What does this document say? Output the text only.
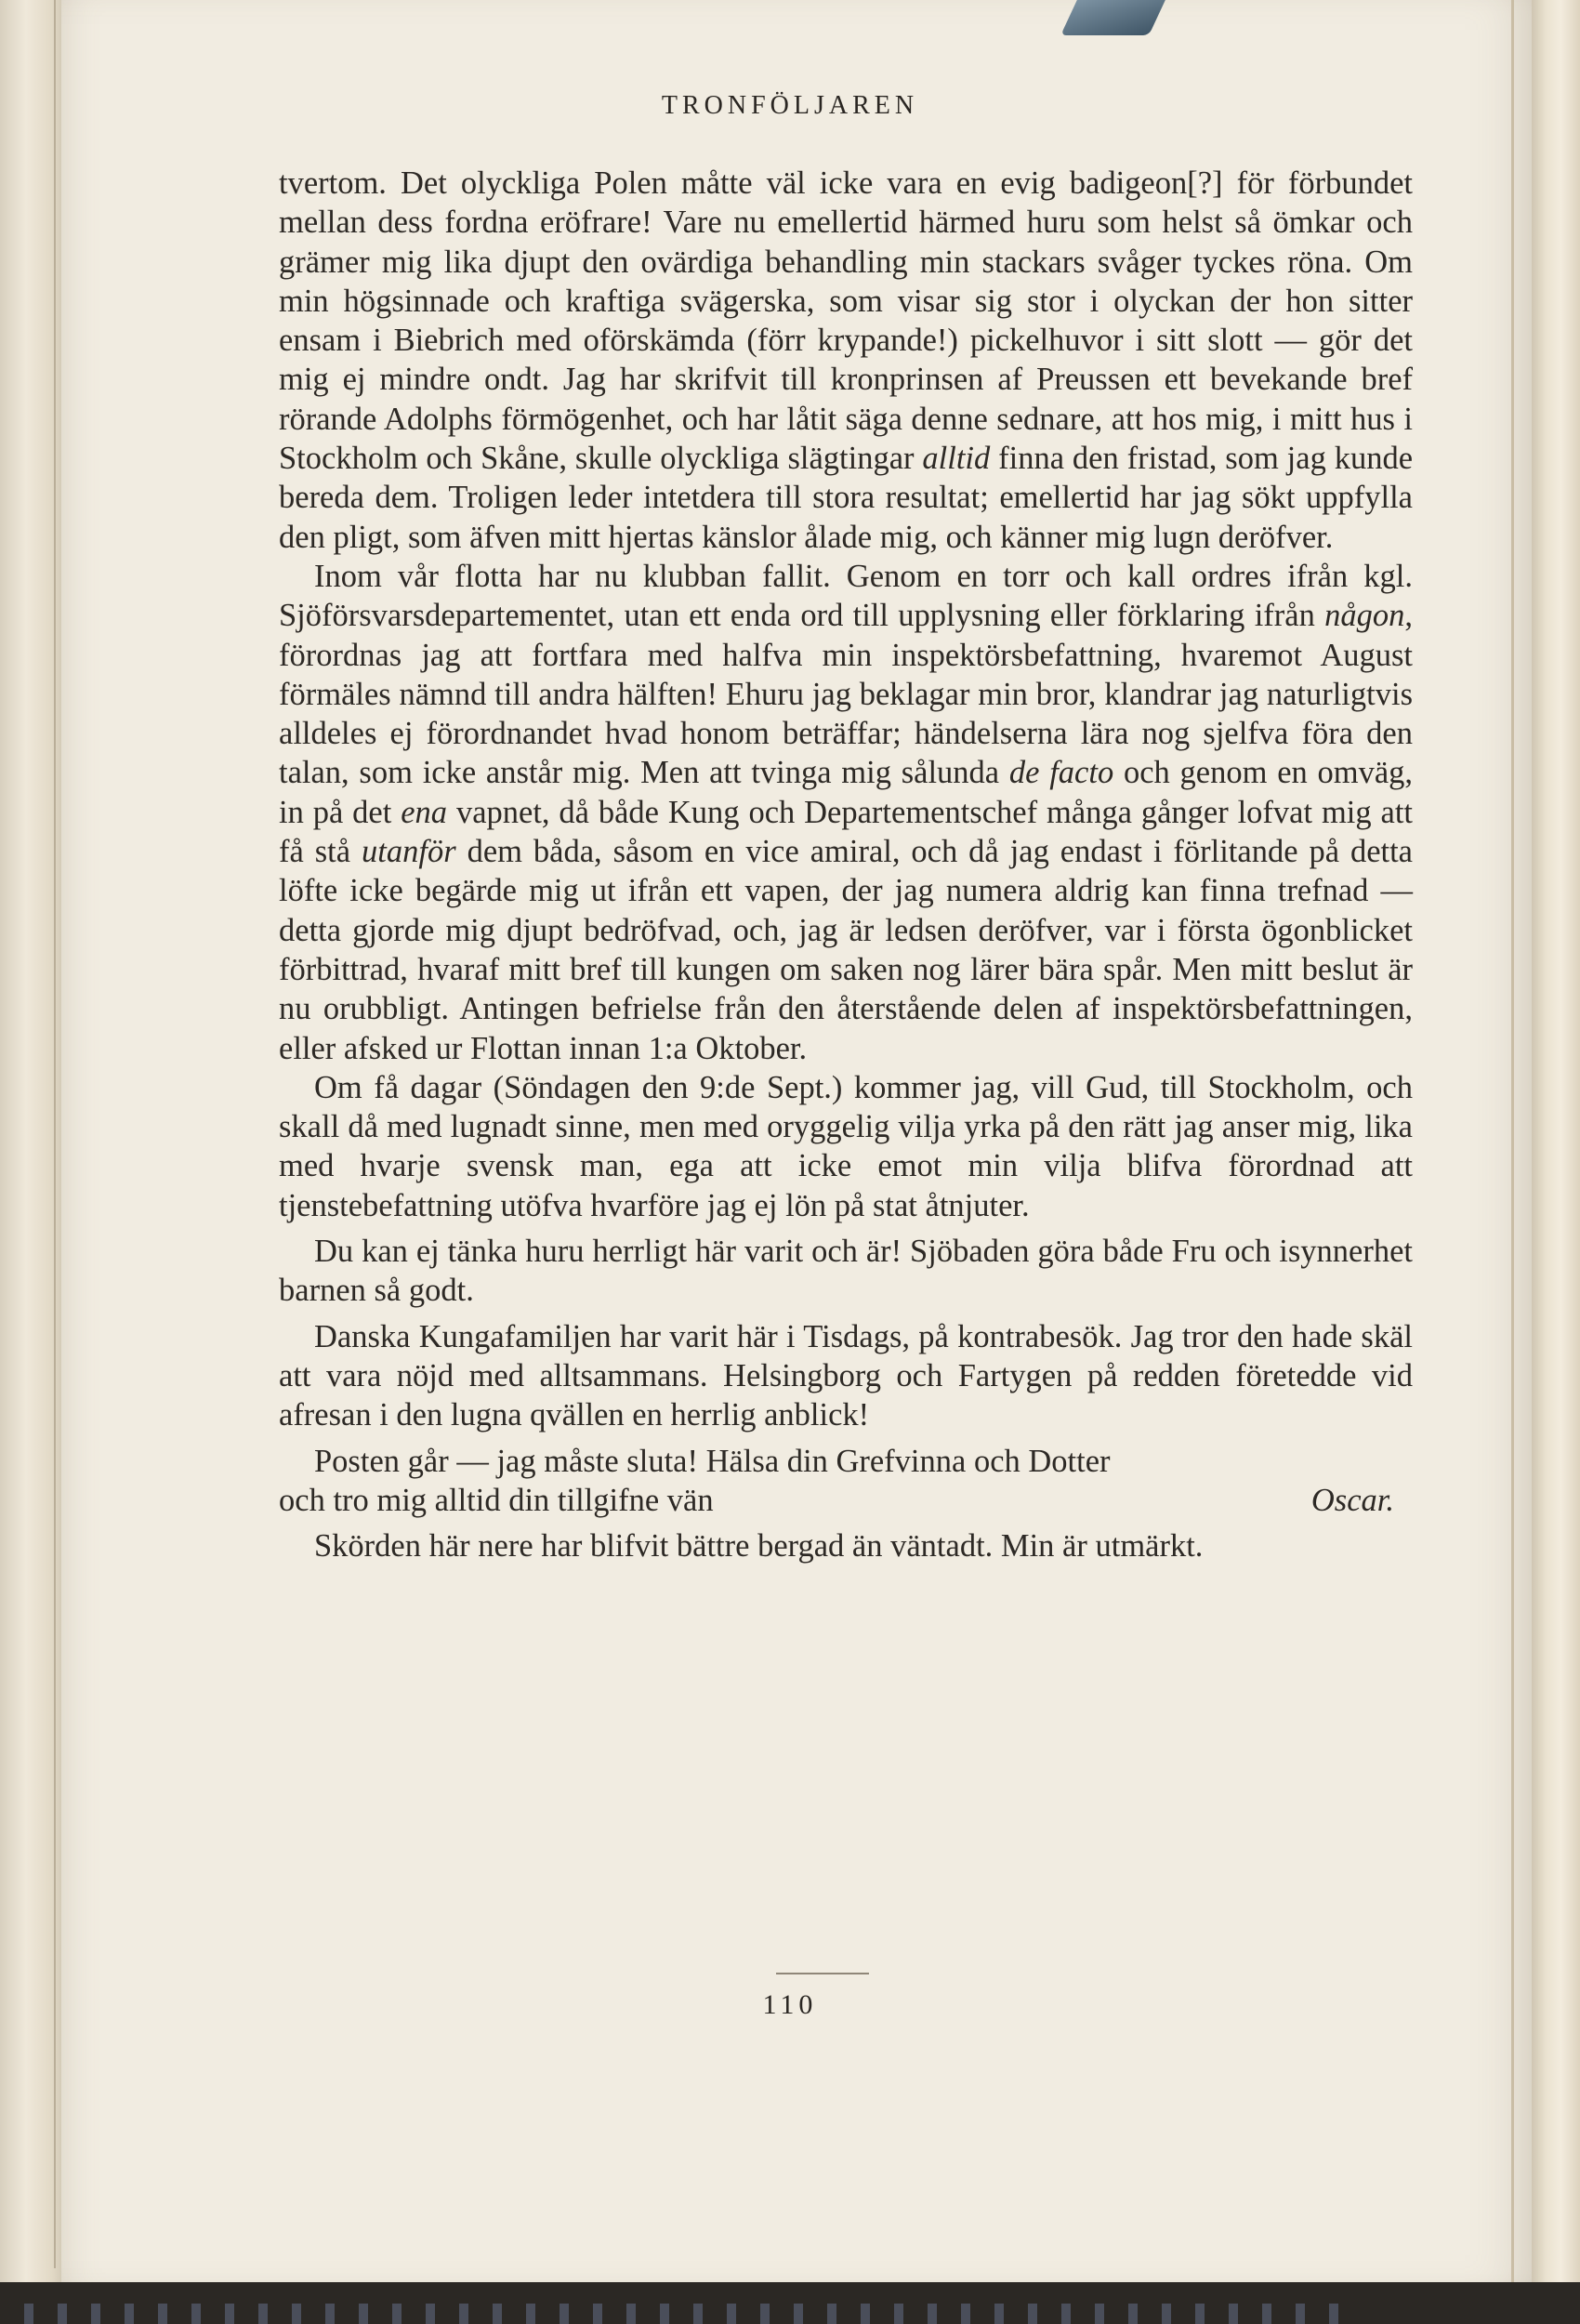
TRONFÖLJAREN

tvertom. Det olyckliga Polen måtte väl icke vara en evig badigeon[?] för förbundet mellan dess fordna eröfrare! Vare nu emellertid härmed huru som helst så ömkar och grämer mig lika djupt den ovärdiga behandling min stackars svåger tyckes röna. Om min högsinnade och kraftiga svägerska, som visar sig stor i olyckan der hon sitter ensam i Biebrich med oförskämda (förr krypande!) pickelhuvor i sitt slott — gör det mig ej mindre ondt. Jag har skrifvit till kronprinsen af Preussen ett bevekande bref rörande Adolphs förmögenhet, och har låtit säga denne sednare, att hos mig, i mitt hus i Stockholm och Skåne, skulle olyckliga slägtingar alltid finna den fristad, som jag kunde bereda dem. Troligen leder intetdera till stora resultat; emellertid har jag sökt uppfylla den pligt, som äfven mitt hjertas känslor ålade mig, och känner mig lugn deröfver.

Inom vår flotta har nu klubban fallit. Genom en torr och kall ordres ifrån kgl. Sjöförsvarsdepartementet, utan ett enda ord till upplysning eller förklaring ifrån någon, förordnas jag att fortfara med halfva min inspektörsbefattning, hvaremot August förmäles nämnd till andra hälften! Ehuru jag beklagar min bror, klandrar jag naturligtvis alldeles ej förordnandet hvad honom beträffar; händelserna lära nog sjelfva föra den talan, som icke anstår mig. Men att tvinga mig sålunda de facto och genom en omväg, in på det ena vapnet, då både Kung och Departementschef många gånger lofvat mig att få stå utanför dem båda, såsom en vice amiral, och då jag endast i förlitande på detta löfte icke begärde mig ut ifrån ett vapen, der jag numera aldrig kan finna trefnad — detta gjorde mig djupt bedröfvad, och, jag är ledsen deröfver, var i första ögonblicket förbittrad, hvaraf mitt bref till kungen om saken nog lärer bära spår. Men mitt beslut är nu orubbligt. Antingen befrielse från den återstående delen af inspektörsbefattningen, eller afsked ur Flottan innan 1:a Oktober.

Om få dagar (Söndagen den 9:de Sept.) kommer jag, vill Gud, till Stockholm, och skall då med lugnadt sinne, men med oryggelig vilja yrka på den rätt jag anser mig, lika med hvarje svensk man, ega att icke emot min vilja blifva förordnad att tjenstebefattning utöfva hvarföre jag ej lön på stat åtnjuter.

Du kan ej tänka huru herrligt här varit och är! Sjöbaden göra både Fru och isynnerhet barnen så godt.

Danska Kungafamiljen har varit här i Tisdags, på kontrabesök. Jag tror den hade skäl att vara nöjd med alltsammans. Helsingborg och Fartygen på redden företedde vid afresan i den lugna qvällen en herrlig anblick!

Posten går — jag måste sluta! Hälsa din Grefvinna och Dotter

och tro mig alltid din tillgifne vän	Oscar.

Skörden här nere har blifvit bättre bergad än väntadt. Min är utmärkt.

110
